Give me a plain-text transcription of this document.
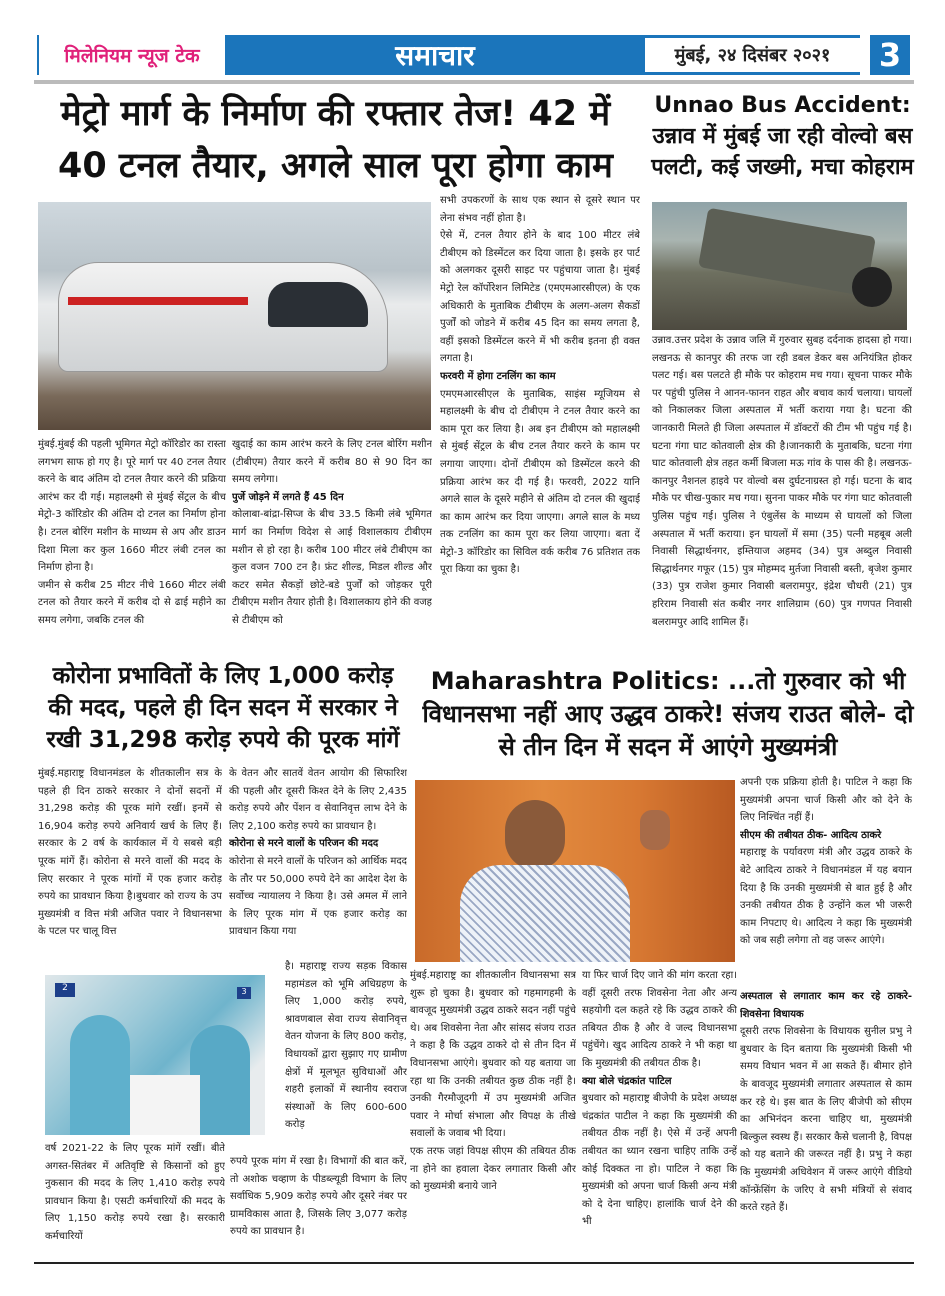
मिलेनियम न्यूज टेक	समाचार	मुंबई, २४ दिसंबर २०२१	3
मेट्रो मार्ग के निर्माण की रफ्तार तेज! 42 में 40 टनल तैयार, अगले साल पूरा होगा काम

मुंबई.मुंबई की पहली भूमिगत मेट्रो कॉरिडोर का रास्ता लगभग साफ हो गए है। पूरे मार्ग पर 40 टनल तैयार करने के बाद अंतिम दो टनल तैयार करने की प्रक्रिया आरंभ कर दी गई। महालक्ष्मी से मुंबई सेंट्रल के बीच मेट्रो-3 कॉरिडोर की अंतिम दो टनल का निर्माण होना है। टनल बोरिंग मशीन के माध्यम से अप और डाउन दिशा मिला कर कुल 1660 मीटर लंबी टनल का निर्माण होना है।

जमीन से करीब 25 मीटर नीचे 1660 मीटर लंबी टनल को तैयार करने में करीब दो से ढाई महीने का समय लगेगा, जबकि टनल की

खुदाई का काम आरंभ करने के लिए टनल बोरिंग मशीन (टीबीएम) तैयार करने में करीब 80 से 90 दिन का समय लगेगा।

पुर्जे जोड़ने में लगते हैं 45 दिन

कोलाबा-बांद्रा-सिप्ज के बीच 33.5 किमी लंबे भूमिगत मार्ग का निर्माण विदेश से आई विशालकाय टीबीएम मशीन से हो रहा है। करीब 100 मीटर लंबे टीबीएम का कुल वजन 700 टन है। फ्रंट शील्ड, मिडल शील्ड और कटर समेत सैकड़ों छोटे-बडे पुर्जों को जोड़कर पूरी टीबीएम मशीन तैयार होती है। विशालकाय होने की वजह से टीबीएम को

सभी उपकरणों के साथ एक स्थान से दूसरे स्थान पर लेना संभव नहीं होता है।

ऐसे में, टनल तैयार होने के बाद 100 मीटर लंबे टीबीएम को डिस्मेंटल कर दिया जाता है। इसके हर पार्ट को अलगकर दूसरी साइट पर पहुंचाया जाता है। मुंबई मेट्रो रेल कॉर्पोरेशन लिमिटेड (एमएमआरसीएल) के एक अधिकारी के मुताबिक टीबीएम के अलग-अलग सैकडों पुर्जों को जोडने में करीब 45 दिन का समय लगता है, वहीं इसको डिस्मेंटल करने में भी करीब इतना ही वक्त लगता है।

फरवरी में होगा टनलिंग का काम

एमएमआरसीएल के मुताबिक, साइंस म्यूजियम से महालक्ष्मी के बीच दो टीबीएम ने टनल तैयार करने का काम पूरा कर लिया है। अब इन टीबीएम को महालक्ष्मी से मुंबई सेंट्रल के बीच टनल तैयार करने के काम पर लगाया जाएगा। दोनों टीबीएम को डिस्मेंटल करने की प्रक्रिया आरंभ कर दी गई है। फरवरी, 2022 यानि अगले साल के दूसरे महीने से अंतिम दो टनल की खुदाई का काम आरंभ कर दिया जाएगा। अगले साल के मध्य तक टनलिंग का काम पूरा कर लिया जाएगा। बता दें मेट्रो-3 कॉरिडोर का सिविल वर्क करीब 76 प्रतिशत तक पूरा किया का चुका है।

Unnao Bus Accident: उन्नाव में मुंबई जा रही वोल्वो बस पलटी, कई जख्मी, मचा कोहराम

उन्नाव.उत्तर प्रदेश के उन्नाव जलि में गुरुवार सुबह दर्दनाक हादसा हो गया। लखनऊ से कानपुर की तरफ जा रही डबल डेकर बस अनियंत्रित होकर पलट गई। बस पलटते ही मौके पर कोहराम मच गया। सूचना पाकर मौके पर पहुंची पुलिस ने आनन-फानन राहत और बचाव कार्य चलाया। घायलों को निकालकर जिला अस्पताल में भर्ती कराया गया है। घटना की जानकारी मिलते ही जिला अस्पताल में डॉक्टरों की टीम भी पहुंच गई है। घटना गंगा घाट कोतवाली क्षेत्र की है।जानकारी के मुताबकि, घटना गंगा घाट कोतवाली क्षेत्र तहत कर्मी बिजला मऊ गांव के पास की है। लखनऊ-कानपुर नैशनल हाइवे पर वोल्वो बस दुर्घटनाग्रस्त हो गई। घटना के बाद मौके पर चीख-पुकार मच गया। सुनना पाकर मौके पर गंगा घाट कोतवाली पुलिस पहुंच गई। पुलिस ने एंबुलेंस के माध्यम से घायलों को जिला अस्पताल में भर्ती कराया। इन घायलों में समा (35) पत्नी महबूब अली निवासी सिद्धार्थनगर, इम्तियाज अहमद (34) पुत्र अब्दुल निवासी सिद्धार्थनगर गफूर (15) पुत्र मोहम्मद मुर्तजा निवासी बस्ती, बृजेश कुमार (33) पुत्र राजेश कुमार निवासी बलरामपुर, इंद्रेश चौधरी (21) पुत्र हरिराम निवासी संत कबीर नगर शालिग्राम (60) पुत्र गणपत निवासी बलरामपुर आदि शामिल हैं।

कोरोना प्रभावितों के लिए 1,000 करोड़ की मदद, पहले ही दिन सदन में सरकार ने रखी 31,298 करोड़ रुपये की पूरक मांगें

मुंबई.महाराष्ट्र विधानमंडल के शीतकालीन सत्र के पहले ही दिन ठाकरे सरकार ने दोनों सदनों में 31,298 करोड़ की पूरक मांगे रखीं। इनमें से 16,904 करोड़ रुपये अनिवार्य खर्च के लिए हैं। सरकार के 2 वर्ष के कार्यकाल में ये सबसे बड़ी पूरक मांगें हैं। कोरोना से मरने वालों की मदद के लिए सरकार ने पूरक मांगों में एक हजार करोड़ रुपये का प्रावधान किया है।बुधवार को राज्य के उप मुख्यमंत्री व वित्त मंत्री अजित पवार ने विधानसभा के पटल पर चालू वित्त

के वेतन और सातवें वेतन आयोग की सिफारिश की पहली और दूसरी किश्त देने के लिए 2,435 करोड़ रुपये और पेंशन व सेवानिवृत्त लाभ देने के लिए 2,100 करोड़ रुपये का प्रावधान है।

कोरोना से मरने वालों के परिजन की मदद

कोरोना से मरने वालों के परिजन को आर्थिक मदद के तौर पर 50,000 रुपये देने का आदेश देश के सर्वोच्च न्यायालय ने किया है। उसे अमल में लाने के लिए पूरक मांग में एक हजार करोड़ का प्रावधान किया गया

2	3

है। महाराष्ट्र राज्य सड़क विकास महामंडल को भूमि अधिग्रहण के लिए 1,000 करोड़ रुपये, श्रावणबाल सेवा राज्य सेवानिवृत्त वेतन योजना के लिए 800 करोड़, विधायकों द्वारा सुझाए गए ग्रामीण क्षेत्रों में मूलभूत सुविधाओं और शहरी इलाकों में स्थानीय स्वराज संस्थाओं के लिए 600-600 करोड़

वर्ष 2021-22 के लिए पूरक मांगें रखीं। बीते अगस्त-सितंबर में अतिवृष्टि से किसानों को हुए नुकसान की मदद के लिए 1,410 करोड़ रुपये प्रावधान किया है। एसटी कर्मचारियों की मदद के लिए 1,150 करोड़ रुपये रखा है। सरकारी कर्मचारियों

रुपये पूरक मांग में रखा है। विभागों की बात करें, तो अशोक चव्हाण के पीडब्ल्यूडी विभाग के लिए सर्वाधिक 5,909 करोड़ रुपये और दूसरे नंबर पर ग्रामविकास आता है, जिसके लिए 3,077 करोड़ रुपये का प्रावधान है।

Maharashtra Politics: ...तो गुरुवार को भी विधानसभा नहीं आए उद्धव ठाकरे! संजय राउत बोले- दो से तीन दिन में सदन में आएंगे मुख्यमंत्री

अपनी एक प्रक्रिया होती है। पाटिल ने कहा कि मुख्यमंत्री अपना चार्ज किसी और को देने के लिए निश्चिंत नहीं हैं।

सीएम की तबीयत ठीक- आदित्य ठाकरे

महाराष्ट्र के पर्यावरण मंत्री और उद्धव ठाकरे के बेटे आदित्य ठाकरे ने विधानमंडल में यह बयान दिया है कि उनकी मुख्यमंत्री से बात हुई है और उनकी तबीयत ठीक है उन्होंने कल भी जरूरी काम निपटाए थे। आदित्य ने कहा कि मुख्यमंत्री को जब सही लगेगा तो वह जरूर आएंगे।

अस्पताल से लगातार काम कर रहे ठाकरे- शिवसेना विधायक

दूसरी तरफ शिवसेना के विधायक सुनील प्रभु ने बुधवार के दिन बताया कि मुख्यमंत्री किसी भी समय विधान भवन में आ सकते हैं। बीमार होने के बावजूद मुख्यमंत्री लगातार अस्पताल से काम कर रहे थे। इस बात के लिए बीजेपी को सीएम का अभिनंदन करना चाहिए था, मुख्यमंत्री बिल्कुल स्वस्थ हैं। सरकार कैसे चलानी है, विपक्ष को यह बताने की जरूरत नहीं है। प्रभु ने कहा कि मुख्यमंत्री अधिवेशन में जरूर आएंगे वीडियो कॉन्फ्रेंसिंग के जरिए वे सभी मंत्रियों से संवाद करते रहते हैं।

मुंबई.महाराष्ट्र का शीतकालीन विधानसभा सत्र शुरू हो चुका है। बुधवार को गहमागहमी के बावजूद मुख्यमंत्री उद्धव ठाकरे सदन नहीं पहुंचे थे। अब शिवसेना नेता और सांसद संजय राउत ने कहा है कि उद्धव ठाकरे दो से तीन दिन में विधानसभा आएंगे। बुधवार को यह बताया जा रहा था कि उनकी तबीयत कुछ ठीक नहीं है। उनकी गैरमौजूदगी में उप मुख्यमंत्री अजित पवार ने मोर्चा संभाला और विपक्ष के तीखे सवालों के जवाब भी दिया।

एक तरफ जहां विपक्ष सीएम की तबियत ठीक ना होने का हवाला देकर लगातार किसी और को मुख्यमंत्री बनाये जाने

या फिर चार्ज दिए जाने की मांग करता रहा। वहीं दूसरी तरफ शिवसेना नेता और अन्य सहयोगी दल कहते रहे कि उद्धव ठाकरे की तबियत ठीक है और वे जल्द विधानसभा पहुंचेंगे। खुद आदित्य ठाकरे ने भी कहा था कि मुख्यमंत्री की तबीयत ठीक है।

क्या बोले चंद्रकांत पाटिल

बुधवार को महाराष्ट्र बीजेपी के प्रदेश अध्यक्ष चंद्रकांत पाटील ने कहा कि मुख्यमंत्री की तबीयत ठीक नहीं है। ऐसे में उन्हें अपनी तबीयत का ध्यान रखना चाहिए ताकि उन्हें कोई दिक्कत ना हो। पाटिल ने कहा कि मुख्यमंत्री को अपना चार्ज किसी अन्य मंत्री को दे देना चाहिए। हालांकि चार्ज देने की भी
